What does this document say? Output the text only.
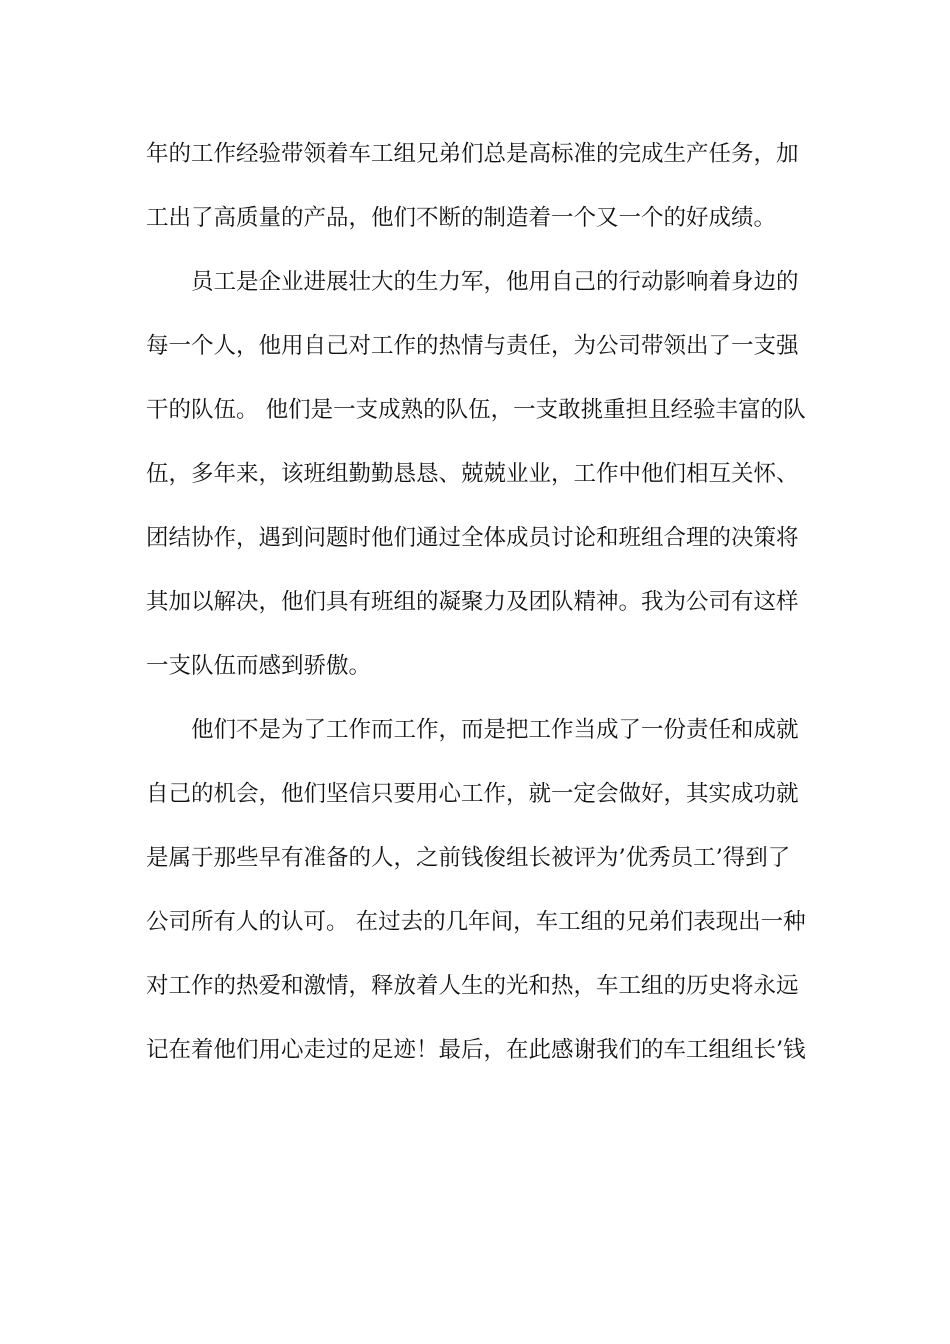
年的工作经验带领着车工组兄弟们总是高标准的完成生产任务，加
工出了高质量的产品，他们不断的制造着一个又一个的好成绩。
　　员工是企业进展壮大的生力军，他用自己的行动影响着身边的
每一个人，他用自己对工作的热情与责任，为公司带领出了一支强
干的队伍。 他们是一支成熟的队伍，一支敢挑重担且经验丰富的队
伍，多年来，该班组勤勤恳恳、兢兢业业，工作中他们相互关怀、
团结协作，遇到问题时他们通过全体成员讨论和班组合理的决策将
其加以解决，他们具有班组的凝聚力及团队精神。我为公司有这样
一支队伍而感到骄傲。
　　他们不是为了工作而工作，而是把工作当成了一份责任和成就
自己的机会，他们坚信只要用心工作，就一定会做好，其实成功就
是属于那些早有准备的人，之前钱俊组长被评为’优秀员工’得到了
公司所有人的认可。 在过去的几年间，车工组的兄弟们表现出一种
对工作的热爱和激情，释放着人生的光和热，车工组的历史将永远
记在着他们用心走过的足迹！最后，在此感谢我们的车工组组长’钱
